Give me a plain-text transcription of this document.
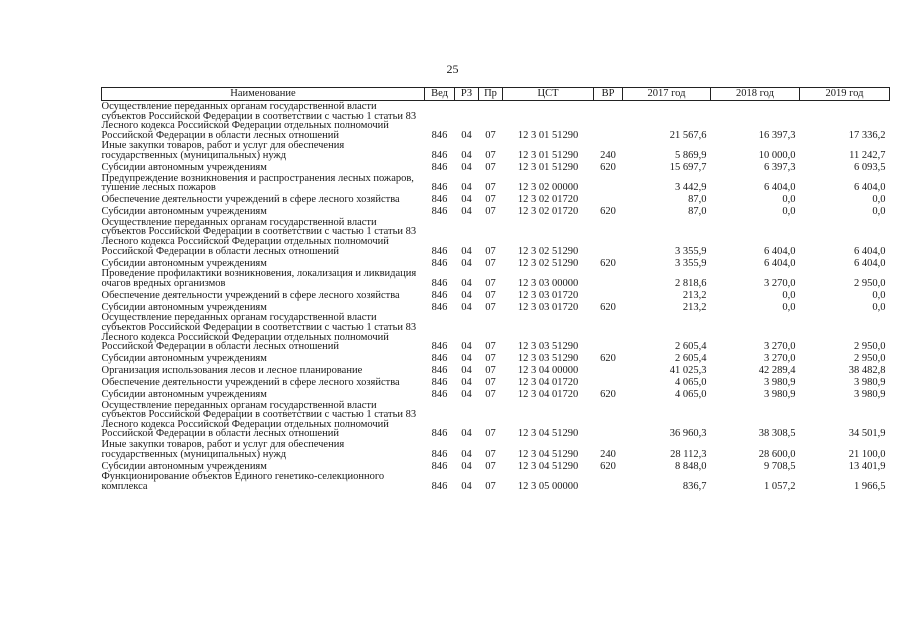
25
Наименование	Вед	РЗ	Пр	ЦСТ	ВР	2017 год	2018 год	2019 год
Осуществление переданных органам государственной власти субъектов Российской Федерации в соответствии с частью 1 статьи 83 Лесного кодекса Российской Федерации отдельных полномочий Российской Федерации в области лесных отношений	846	04	07	12 3 01 51290		21 567,6	16 397,3	17 336,2
Иные закупки товаров, работ и услуг для обеспечения государственных (муниципальных) нужд	846	04	07	12 3 01 51290	240	5 869,9	10 000,0	11 242,7
Субсидии автономным учреждениям	846	04	07	12 3 01 51290	620	15 697,7	6 397,3	6 093,5
Предупреждение возникновения и распространения лесных пожаров, тушение лесных пожаров	846	04	07	12 3 02 00000		3 442,9	6 404,0	6 404,0
Обеспечение деятельности учреждений в сфере лесного хозяйства	846	04	07	12 3 02 01720		87,0	0,0	0,0
Субсидии автономным учреждениям	846	04	07	12 3 02 01720	620	87,0	0,0	0,0
Осуществление переданных органам государственной власти субъектов Российской Федерации в соответствии с частью 1 статьи 83 Лесного кодекса Российской Федерации отдельных полномочий Российской Федерации в области лесных отношений	846	04	07	12 3 02 51290		3 355,9	6 404,0	6 404,0
Субсидии автономным учреждениям	846	04	07	12 3 02 51290	620	3 355,9	6 404,0	6 404,0
Проведение профилактики возникновения, локализация и ликвидация очагов вредных организмов	846	04	07	12 3 03 00000		2 818,6	3 270,0	2 950,0
Обеспечение деятельности учреждений в сфере лесного хозяйства	846	04	07	12 3 03 01720		213,2	0,0	0,0
Субсидии автономным учреждениям	846	04	07	12 3 03 01720	620	213,2	0,0	0,0
Осуществление переданных органам государственной власти субъектов Российской Федерации в соответствии с частью 1 статьи 83 Лесного кодекса Российской Федерации отдельных полномочий Российской Федерации в области лесных отношений	846	04	07	12 3 03 51290		2 605,4	3 270,0	2 950,0
Субсидии автономным учреждениям	846	04	07	12 3 03 51290	620	2 605,4	3 270,0	2 950,0
Организация использования лесов и лесное планирование	846	04	07	12 3 04 00000		41 025,3	42 289,4	38 482,8
Обеспечение деятельности учреждений в сфере лесного хозяйства	846	04	07	12 3 04 01720		4 065,0	3 980,9	3 980,9
Субсидии автономным учреждениям	846	04	07	12 3 04 01720	620	4 065,0	3 980,9	3 980,9
Осуществление переданных органам государственной власти субъектов Российской Федерации в соответствии с частью 1 статьи 83 Лесного кодекса Российской Федерации отдельных полномочий Российской Федерации в области лесных отношений	846	04	07	12 3 04 51290		36 960,3	38 308,5	34 501,9
Иные закупки товаров, работ и услуг для обеспечения государственных (муниципальных) нужд	846	04	07	12 3 04 51290	240	28 112,3	28 600,0	21 100,0
Субсидии автономным учреждениям	846	04	07	12 3 04 51290	620	8 848,0	9 708,5	13 401,9
Функционирование объектов Единого генетико-селекционного комплекса	846	04	07	12 3 05 00000		836,7	1 057,2	1 966,5
